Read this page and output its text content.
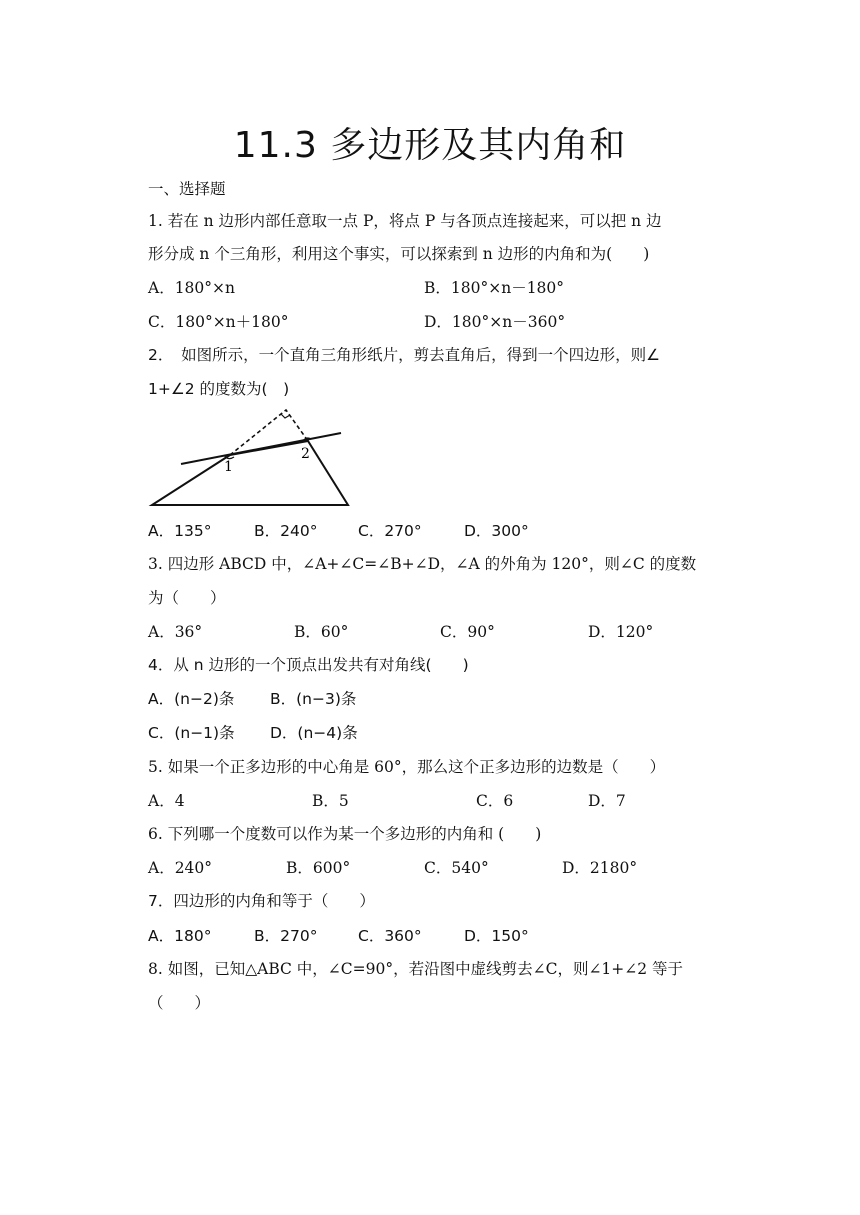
11.3 多边形及其内角和
一、选择题
1. 若在 n 边形内部任意取一点 P，将点 P 与各顶点连接起来，可以把 n 边
形分成 n 个三角形，利用这个事实，可以探索到 n 边形的内角和为(　　)
A．180°×n	B．180°×n－180°
C．180°×n＋180°	D．180°×n－360°
2．　如图所示，一个直角三角形纸片，剪去直角后，得到一个四边形，则∠
1+∠2 的度数为(　)
1
2
A．135°	B．240°	C．270°	D．300°
3. 四边形 ABCD 中，∠A+∠C=∠B+∠D，∠A 的外角为 120°，则∠C 的度数
为（　　）
A．36°	B．60°	C．90°	D．120°
4．从 n 边形的一个顶点出发共有对角线(　　)
A．(n−2)条 B．(n−3)条
C．(n−1)条 D．(n−4)条
5. 如果一个正多边形的中心角是 60°，那么这个正多边形的边数是（　　）
A．4	B．5	C．6	D．7
6. 下列哪一个度数可以作为某一个多边形的内角和 (　　)
A．240°	B．600°	C．540°	D．2180°
7．四边形的内角和等于（　　）
A．180°	B．270°	C．360°	D．150°
8. 如图，已知△ABC 中，∠C=90°，若沿图中虚线剪去∠C，则∠1+∠2 等于
（　　）
